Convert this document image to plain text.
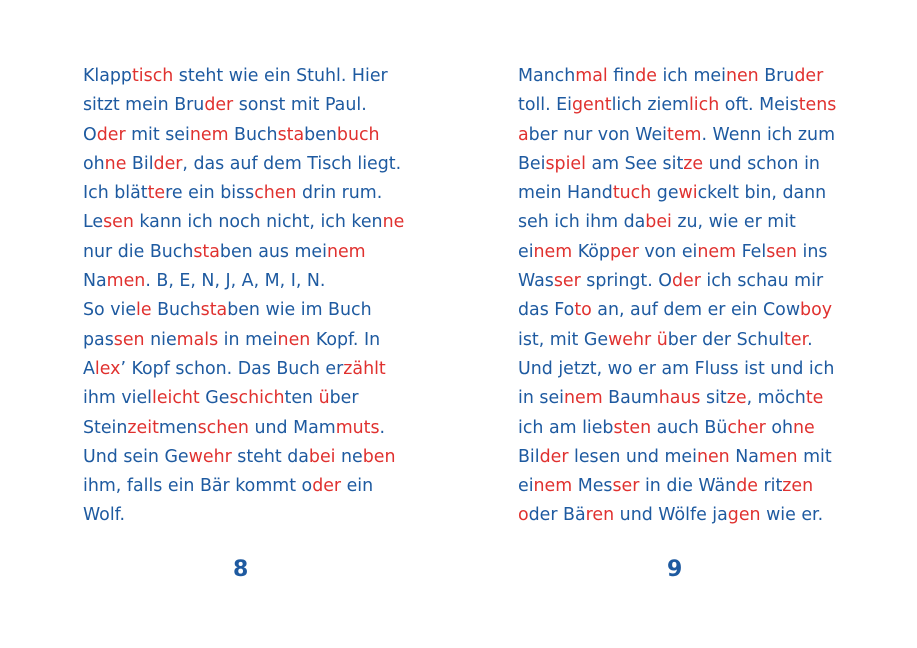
Klapptisch steht wie ein Stuhl. Hier
sitzt mein Bruder sonst mit Paul.
Oder mit seinem Buchstabenbuch
ohne Bilder, das auf dem Tisch liegt.
Ich blättere ein bisschen drin rum.
Lesen kann ich noch nicht, ich kenne
nur die Buchstaben aus meinem
Namen. B, E, N, J, A, M, I, N.
So viele Buchstaben wie im Buch
passen niemals in meinen Kopf. In
Alex’ Kopf schon. Das Buch erzählt
ihm vielleicht Geschichten über
Steinzeitmenschen und Mammuts.
Und sein Gewehr steht dabei neben
ihm, falls ein Bär kommt oder ein
Wolf.
Manchmal finde ich meinen Bruder
toll. Eigentlich ziemlich oft. Meistens
aber nur von Weitem. Wenn ich zum
Beispiel am See sitze und schon in
mein Handtuch gewickelt bin, dann
seh ich ihm dabei zu, wie er mit
einem Köpper von einem Felsen ins
Wasser springt. Oder ich schau mir
das Foto an, auf dem er ein Cowboy
ist, mit Gewehr über der Schulter.
Und jetzt, wo er am Fluss ist und ich
in seinem Baumhaus sitze, möchte
ich am liebsten auch Bücher ohne
Bilder lesen und meinen Namen mit
einem Messer in die Wände ritzen
oder Bären und Wölfe jagen wie er.
8	9
